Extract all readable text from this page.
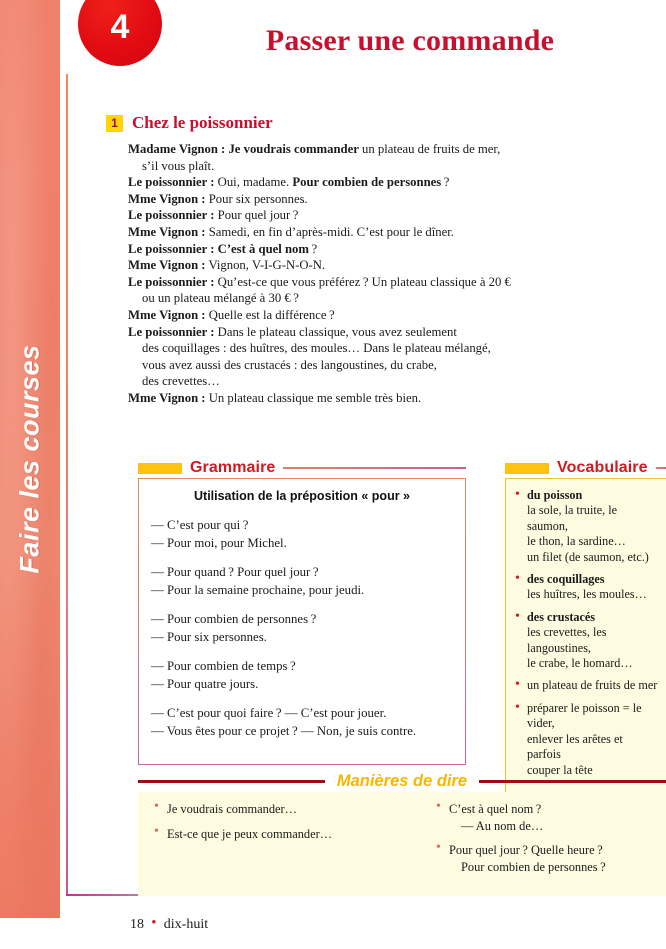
Faire les courses
4	Passer une commande
1 Chez le poissonnier
Madame Vignon : Je voudrais commander un plateau de fruits de mer,
s’il vous plaît.
Le poissonnier : Oui, madame. Pour combien de personnes ?
Mme Vignon : Pour six personnes.
Le poissonnier : Pour quel jour ?
Mme Vignon : Samedi, en fin d’après-midi. C’est pour le dîner.
Le poissonnier : C’est à quel nom ?
Mme Vignon : Vignon, V-I-G-N-O-N.
Le poissonnier : Qu’est-ce que vous préférez ? Un plateau classique à 20 €
ou un plateau mélangé à 30 € ?
Mme Vignon : Quelle est la différence ?
Le poissonnier : Dans le plateau classique, vous avez seulement
des coquillages : des huîtres, des moules… Dans le plateau mélangé,
vous avez aussi des crustacés : des langoustines, du crabe,
des crevettes…
Mme Vignon : Un plateau classique me semble très bien.
Grammaire
Utilisation de la préposition « pour »
— C’est pour qui ?
— Pour moi, pour Michel.
— Pour quand ? Pour quel jour ?
— Pour la semaine prochaine, pour jeudi.
— Pour combien de personnes ?
— Pour six personnes.
— Pour combien de temps ?
— Pour quatre jours.
— C’est pour quoi faire ? — C’est pour jouer.
— Vous êtes pour ce projet ? — Non, je suis contre.
Vocabulaire
• du poisson
la sole, la truite, le saumon,
le thon, la sardine…
un filet (de saumon, etc.)
• des coquillages
les huîtres, les moules…
• des crustacés
les crevettes, les langoustines,
le crabe, le homard…
• un plateau de fruits de mer
• préparer le poisson = le vider,
enlever les arêtes et parfois
couper la tête
Manières de dire
• Je voudrais commander…
• Est-ce que je peux commander…
• C’est à quel nom ?
— Au nom de…
• Pour quel jour ? Quelle heure ?
Pour combien de personnes ?
18  •  dix-huit
